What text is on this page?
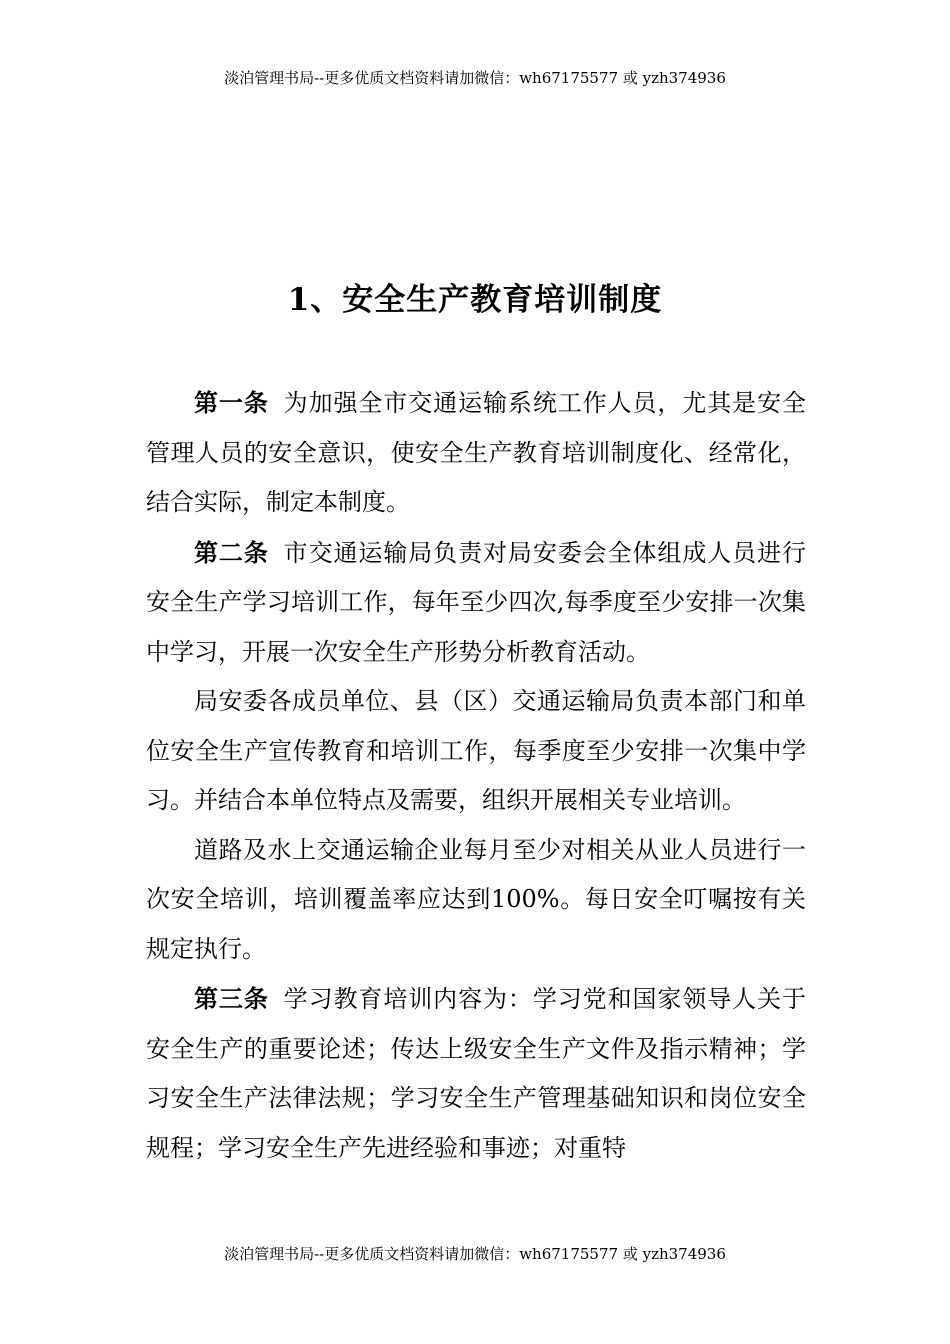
淡泊管理书局--更多优质文档资料请加微信：wh67175577 或 yzh374936
1、安全生产教育培训制度

第一条 为加强全市交通运输系统工作人员，尤其是安全管理人员的安全意识，使安全生产教育培训制度化、经常化，结合实际，制定本制度。

第二条 市交通运输局负责对局安委会全体组成人员进行安全生产学习培训工作，每年至少四次,每季度至少安排一次集中学习，开展一次安全生产形势分析教育活动。

局安委各成员单位、县（区）交通运输局负责本部门和单位安全生产宣传教育和培训工作，每季度至少安排一次集中学习。并结合本单位特点及需要，组织开展相关专业培训。

道路及水上交通运输企业每月至少对相关从业人员进行一次安全培训，培训覆盖率应达到100%。每日安全叮嘱按有关规定执行。

第三条 学习教育培训内容为：学习党和国家领导人关于安全生产的重要论述；传达上级安全生产文件及指示精神；学习安全生产法律法规；学习安全生产管理基础知识和岗位安全规程；学习安全生产先进经验和事迹；对重特

淡泊管理书局--更多优质文档资料请加微信：wh67175577 或 yzh374936
